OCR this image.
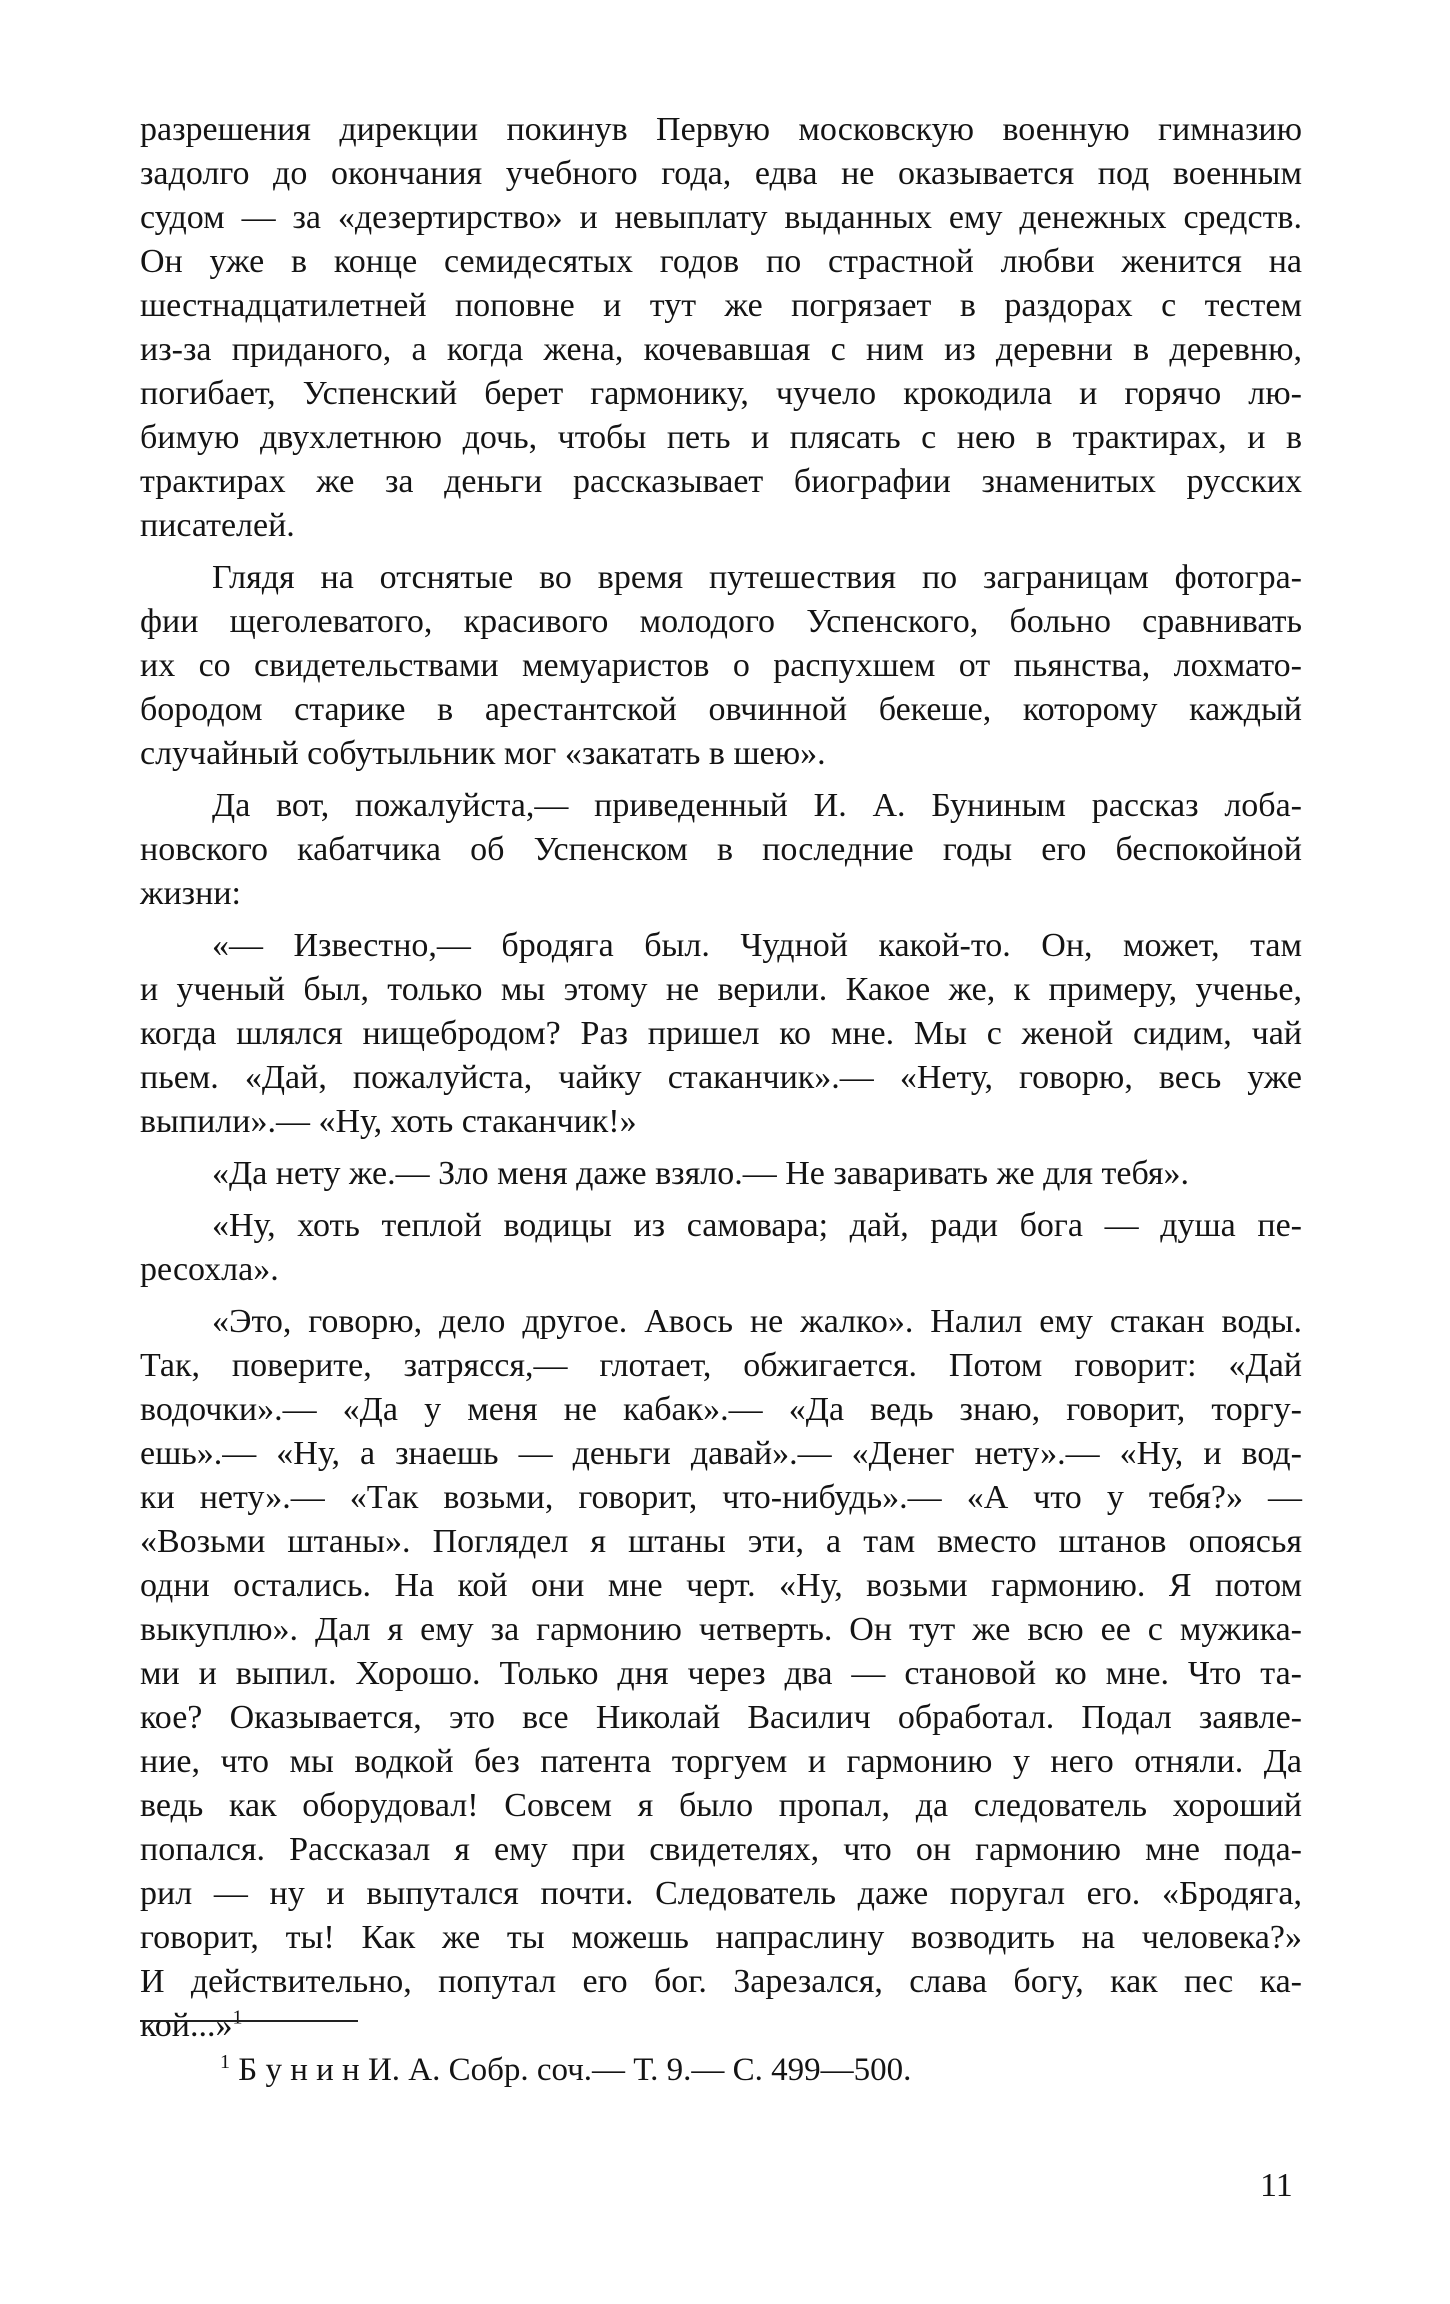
разрешения дирекции покинув Первую московскую военную гимназию
задолго до окончания учебного года, едва не оказывается под военным
судом — за «дезертирство» и невыплату выданных ему денежных средств.
Он уже в конце семидесятых годов по страстной любви женится на
шестнадцатилетней поповне и тут же погрязает в раздорах с тестем
из-за приданого, а когда жена, кочевавшая с ним из деревни в деревню,
погибает, Успенский берет гармонику, чучело крокодила и горячо лю-
бимую двухлетнюю дочь, чтобы петь и плясать с нею в трактирах, и в
трактирах же за деньги рассказывает биографии знаменитых русских
писателей.
Глядя на отснятые во время путешествия по заграницам фотогра-
фии щеголеватого, красивого молодого Успенского, больно сравнивать
их со свидетельствами мемуаристов о распухшем от пьянства, лохмато-
бородом старике в арестантской овчинной бекеше, которому каждый
случайный собутыльник мог «закатать в шею».
Да вот, пожалуйста,— приведенный И. А. Буниным рассказ лоба-
новского кабатчика об Успенском в последние годы его беспокойной
жизни:
«— Известно,— бродяга был. Чудной какой-то. Он, может, там
и ученый был, только мы этому не верили. Какое же, к примеру, ученье,
когда шлялся нищебродом? Раз пришел ко мне. Мы с женой сидим, чай
пьем. «Дай, пожалуйста, чайку стаканчик».— «Нету, говорю, весь уже
выпили».— «Ну, хоть стаканчик!»
«Да нету же.— Зло меня даже взяло.— Не заваривать же для тебя».
«Ну, хоть теплой водицы из самовара; дай, ради бога — душа пе-
ресохла».
«Это, говорю, дело другое. Авось не жалко». Налил ему стакан воды.
Так, поверите, затрясся,— глотает, обжигается. Потом говорит: «Дай
водочки».— «Да у меня не кабак».— «Да ведь знаю, говорит, торгу-
ешь».— «Ну, а знаешь — деньги давай».— «Денег нету».— «Ну, и вод-
ки нету».— «Так возьми, говорит, что-нибудь».— «А что у тебя?» —
«Возьми штаны». Поглядел я штаны эти, а там вместо штанов опоясья
одни остались. На кой они мне черт. «Ну, возьми гармонию. Я потом
выкуплю». Дал я ему за гармонию четверть. Он тут же всю ее с мужика-
ми и выпил. Хорошо. Только дня через два — становой ко мне. Что та-
кое? Оказывается, это все Николай Василич обработал. Подал заявле-
ние, что мы водкой без патента торгуем и гармонию у него отняли. Да
ведь как оборудовал! Совсем я было пропал, да следователь хороший
попался. Рассказал я ему при свидетелях, что он гармонию мне пода-
рил — ну и выпутался почти. Следователь даже поругал его. «Бродяга,
говорит, ты! Как же ты можешь напраслину возводить на человека?»
И действительно, попутал его бог. Зарезался, слава богу, как пес ка-
кой...»$^1$
$^1$ Б у н и н И. А. Собр. соч.— Т. 9.— С. 499—500.
11
